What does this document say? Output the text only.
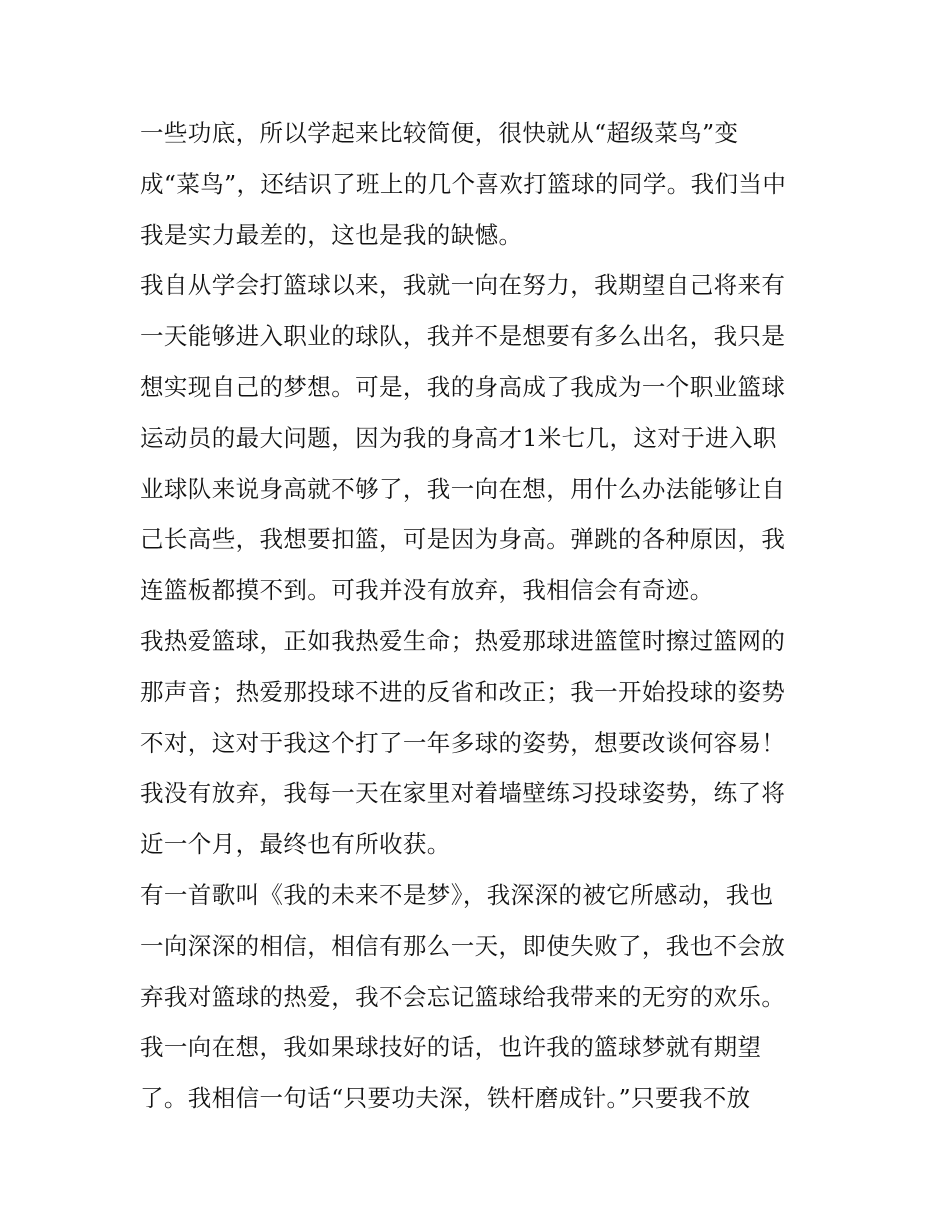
一些功底，所以学起来比较简便，很快就从“超级菜鸟”变
成“菜鸟”，还结识了班上的几个喜欢打篮球的同学。我们当中
我是实力最差的，这也是我的缺憾。
我自从学会打篮球以来，我就一向在努力，我期望自己将来有
一天能够进入职业的球队，我并不是想要有多么出名，我只是
想实现自己的梦想。可是，我的身高成了我成为一个职业篮球
运动员的最大问题，因为我的身高才1米七几，这对于进入职
业球队来说身高就不够了，我一向在想，用什么办法能够让自
己长高些，我想要扣篮，可是因为身高。弹跳的各种原因，我
连篮板都摸不到。可我并没有放弃，我相信会有奇迹。
我热爱篮球，正如我热爱生命；热爱那球进篮筐时擦过篮网的
那声音；热爱那投球不进的反省和改正；我一开始投球的姿势
不对，这对于我这个打了一年多球的姿势，想要改谈何容易！
我没有放弃，我每一天在家里对着墙壁练习投球姿势，练了将
近一个月，最终也有所收获。
有一首歌叫《我的未来不是梦》，我深深的被它所感动，我也
一向深深的相信，相信有那么一天，即使失败了，我也不会放
弃我对篮球的热爱，我不会忘记篮球给我带来的无穷的欢乐。
我一向在想，我如果球技好的话，也许我的篮球梦就有期望
了。我相信一句话“只要功夫深，铁杆磨成针。”只要我不放
